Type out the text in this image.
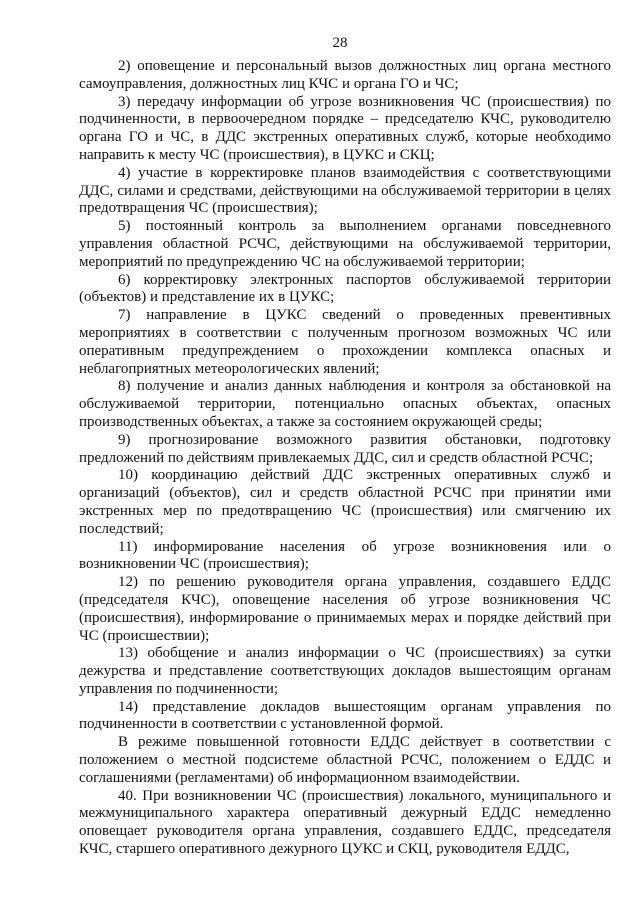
28

2) оповещение и персональный вызов должностных лиц органа местного самоуправления, должностных лиц КЧС и органа ГО и ЧС;

3) передачу информации об угрозе возникновения ЧС (происшествия) по подчиненности, в первоочередном порядке – председателю КЧС, руководителю органа ГО и ЧС, в ДДС экстренных оперативных служб, которые необходимо направить к месту ЧС (происшествия), в ЦУКС и СКЦ;

4) участие в корректировке планов взаимодействия с соответствующими ДДС, силами и средствами, действующими на обслуживаемой территории в целях предотвращения ЧС (происшествия);

5) постоянный контроль за выполнением органами повседневного управления областной РСЧС, действующими на обслуживаемой территории, мероприятий по предупреждению ЧС на обслуживаемой территории;

6) корректировку электронных паспортов обслуживаемой территории (объектов) и представление их в ЦУКС;

7) направление в ЦУКС сведений о проведенных превентивных мероприятиях в соответствии с полученным прогнозом возможных ЧС или оперативным предупреждением о прохождении комплекса опасных и неблагоприятных метеорологических явлений;

8) получение и анализ данных наблюдения и контроля за обстановкой на обслуживаемой территории, потенциально опасных объектах, опасных производственных объектах, а также за состоянием окружающей среды;

9) прогнозирование возможного развития обстановки, подготовку предложений по действиям привлекаемых ДДС, сил и средств областной РСЧС;

10) координацию действий ДДС экстренных оперативных служб и организаций (объектов), сил и средств областной РСЧС при принятии ими экстренных мер по предотвращению ЧС (происшествия) или смягчению их последствий;

11) информирование населения об угрозе возникновения или о возникновении ЧС (происшествия);

12) по решению руководителя органа управления, создавшего ЕДДС (председателя КЧС), оповещение населения об угрозе возникновения ЧС (происшествия), информирование о принимаемых мерах и порядке действий при ЧС (происшествии);

13) обобщение и анализ информации о ЧС (происшествиях) за сутки дежурства и представление соответствующих докладов вышестоящим органам управления по подчиненности;

14) представление докладов вышестоящим органам управления по подчиненности в соответствии с установленной формой.

В режиме повышенной готовности ЕДДС действует в соответствии с положением о местной подсистеме областной РСЧС, положением о ЕДДС и соглашениями (регламентами) об информационном взаимодействии.

40. При возникновении ЧС (происшествия) локального, муниципального и межмуниципального характера оперативный дежурный ЕДДС немедленно оповещает руководителя органа управления, создавшего ЕДДС, председателя КЧС, старшего оперативного дежурного ЦУКС и СКЦ, руководителя ЕДДС,
